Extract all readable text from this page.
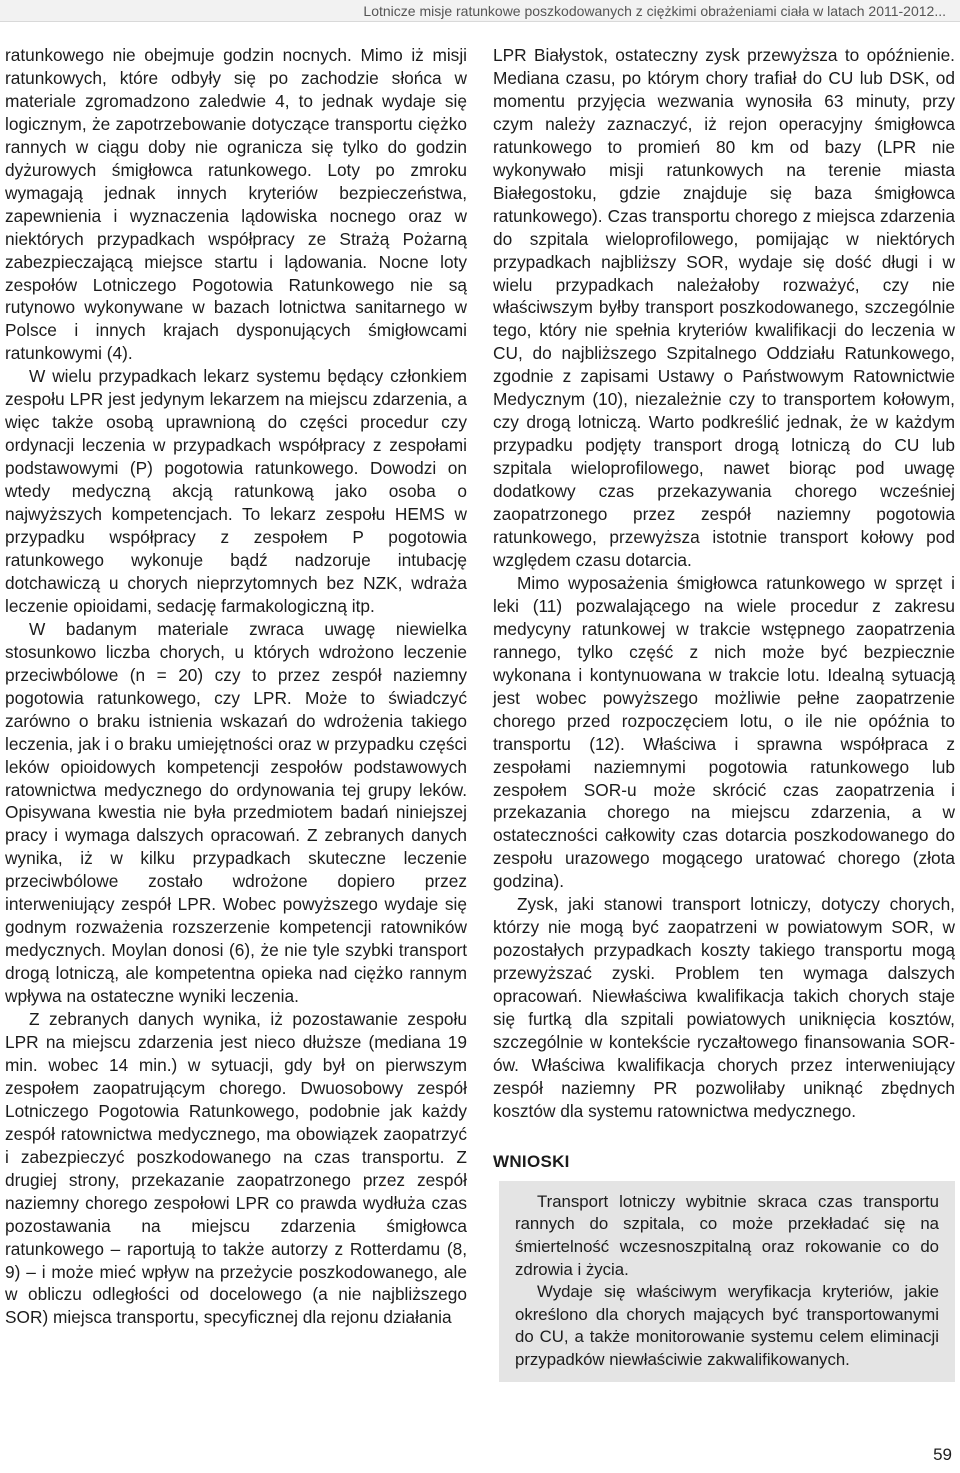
Lotnicze misje ratunkowe poszkodowanych z ciężkimi obrażeniami ciała w latach 2011-2012...

ratunkowego nie obejmuje godzin nocnych. Mimo iż misji ratunkowych, które odbyły się po zachodzie słońca w materiale zgromadzono zaledwie 4, to jednak wydaje się logicznym, że zapotrzebowanie dotyczące transportu ciężko rannych w ciągu doby nie ogranicza się tylko do godzin dyżurowych śmigłowca ratunkowego. Loty po zmroku wymagają jednak innych kryteriów bezpieczeństwa, zapewnienia i wyznaczenia lądowiska nocnego oraz w niektórych przypadkach współpracy ze Strażą Pożarną zabezpieczającą miejsce startu i lądowania. Nocne loty zespołów Lotniczego Pogotowia Ratunkowego nie są rutynowo wykonywane w bazach lotnictwa sanitarnego w Polsce i innych krajach dysponujących śmigłowcami ratunkowymi (4).

W wielu przypadkach lekarz systemu będący członkiem zespołu LPR jest jedynym lekarzem na miejscu zdarzenia, a więc także osobą uprawnioną do części procedur czy ordynacji leczenia w przypadkach współpracy z zespołami podstawowymi (P) pogotowia ratunkowego. Dowodzi on wtedy medyczną akcją ratunkową jako osoba o najwyższych kompetencjach. To lekarz zespołu HEMS w przypadku współpracy z zespołem P pogotowia ratunkowego wykonuje bądź nadzoruje intubację dotchawiczą u chorych nieprzytomnych bez NZK, wdraża leczenie opioidami, sedację farmakologiczną itp.

W badanym materiale zwraca uwagę niewielka stosunkowo liczba chorych, u których wdrożono leczenie przeciwbólowe (n = 20) czy to przez zespół naziemny pogotowia ratunkowego, czy LPR. Może to świadczyć zarówno o braku istnienia wskazań do wdrożenia takiego leczenia, jak i o braku umiejętności oraz w przypadku części leków opioidowych kompetencji zespołów podstawowych ratownictwa medycznego do ordynowania tej grupy leków. Opisywana kwestia nie była przedmiotem badań niniejszej pracy i wymaga dalszych opracowań. Z zebranych danych wynika, iż w kilku przypadkach skuteczne leczenie przeciwbólowe zostało wdrożone dopiero przez interweniujący zespół LPR. Wobec powyższego wydaje się godnym rozważenia rozszerzenie kompetencji ratowników medycznych. Moylan donosi (6), że nie tyle szybki transport drogą lotniczą, ale kompetentna opieka nad ciężko rannym wpływa na ostateczne wyniki leczenia.

Z zebranych danych wynika, iż pozostawanie zespołu LPR na miejscu zdarzenia jest nieco dłuższe (mediana 19 min. wobec 14 min.) w sytuacji, gdy był on pierwszym zespołem zaopatrującym chorego. Dwuosobowy zespół Lotniczego Pogotowia Ratunkowego, podobnie jak każdy zespół ratownictwa medycznego, ma obowiązek zaopatrzyć i zabezpieczyć poszkodowanego na czas transportu. Z drugiej strony, przekazanie zaopatrzonego przez zespół naziemny chorego zespołowi LPR co prawda wydłuża czas pozostawania na miejscu zdarzenia śmigłowca ratunkowego – raportują to także autorzy z Rotterdamu (8, 9) – i może mieć wpływ na przeżycie poszkodowanego, ale w obliczu odległości od docelowego (a nie najbliższego SOR) miejsca transportu, specyficznej dla rejonu działania

LPR Białystok, ostateczny zysk przewyższa to opóźnienie. Mediana czasu, po którym chory trafiał do CU lub DSK, od momentu przyjęcia wezwania wynosiła 63 minuty, przy czym należy zaznaczyć, iż rejon operacyjny śmigłowca ratunkowego to promień 80 km od bazy (LPR nie wykonywało misji ratunkowych na terenie miasta Białegostoku, gdzie znajduje się baza śmigłowca ratunkowego). Czas transportu chorego z miejsca zdarzenia do szpitala wieloprofilowego, pomijając w niektórych przypadkach najbliższy SOR, wydaje się dość długi i w wielu przypadkach należałoby rozważyć, czy nie właściwszym byłby transport poszkodowanego, szczególnie tego, który nie spełnia kryteriów kwalifikacji do leczenia w CU, do najbliższego Szpitalnego Oddziału Ratunkowego, zgodnie z zapisami Ustawy o Państwowym Ratownictwie Medycznym (10), niezależnie czy to transportem kołowym, czy drogą lotniczą. Warto podkreślić jednak, że w każdym przypadku podjęty transport drogą lotniczą do CU lub szpitala wieloprofilowego, nawet biorąc pod uwagę dodatkowy czas przekazywania chorego wcześniej zaopatrzonego przez zespół naziemny pogotowia ratunkowego, przewyższa istotnie transport kołowy pod względem czasu dotarcia.

Mimo wyposażenia śmigłowca ratunkowego w sprzęt i leki (11) pozwalającego na wiele procedur z zakresu medycyny ratunkowej w trakcie wstępnego zaopatrzenia rannego, tylko część z nich może być bezpiecznie wykonana i kontynuowana w trakcie lotu. Idealną sytuacją jest wobec powyższego możliwie pełne zaopatrzenie chorego przed rozpoczęciem lotu, o ile nie opóźnia to transportu (12). Właściwa i sprawna współpraca z zespołami naziemnymi pogotowia ratunkowego lub zespołem SOR-u może skrócić czas zaopatrzenia i przekazania chorego na miejscu zdarzenia, a w ostateczności całkowity czas dotarcia poszkodowanego do zespołu urazowego mogącego uratować chorego (złota godzina).

Zysk, jaki stanowi transport lotniczy, dotyczy chorych, którzy nie mogą być zaopatrzeni w powiatowym SOR, w pozostałych przypadkach koszty takiego transportu mogą przewyższać zyski. Problem ten wymaga dalszych opracowań. Niewłaściwa kwalifikacja takich chorych staje się furtką dla szpitali powiatowych uniknięcia kosztów, szczególnie w kontekście ryczałtowego finansowania SOR-ów. Właściwa kwalifikacja chorych przez interweniujący zespół naziemny PR pozwoliłaby uniknąć zbędnych kosztów dla systemu ratownictwa medycznego.

WNIOSKI

Transport lotniczy wybitnie skraca czas transportu rannych do szpitala, co może przekładać się na śmiertelność wczesnoszpitalną oraz rokowanie co do zdrowia i życia.

Wydaje się właściwym weryfikacja kryteriów, jakie określono dla chorych mających być transportowanymi do CU, a także monitorowanie systemu celem eliminacji przypadków niewłaściwie zakwalifikowanych.

59
